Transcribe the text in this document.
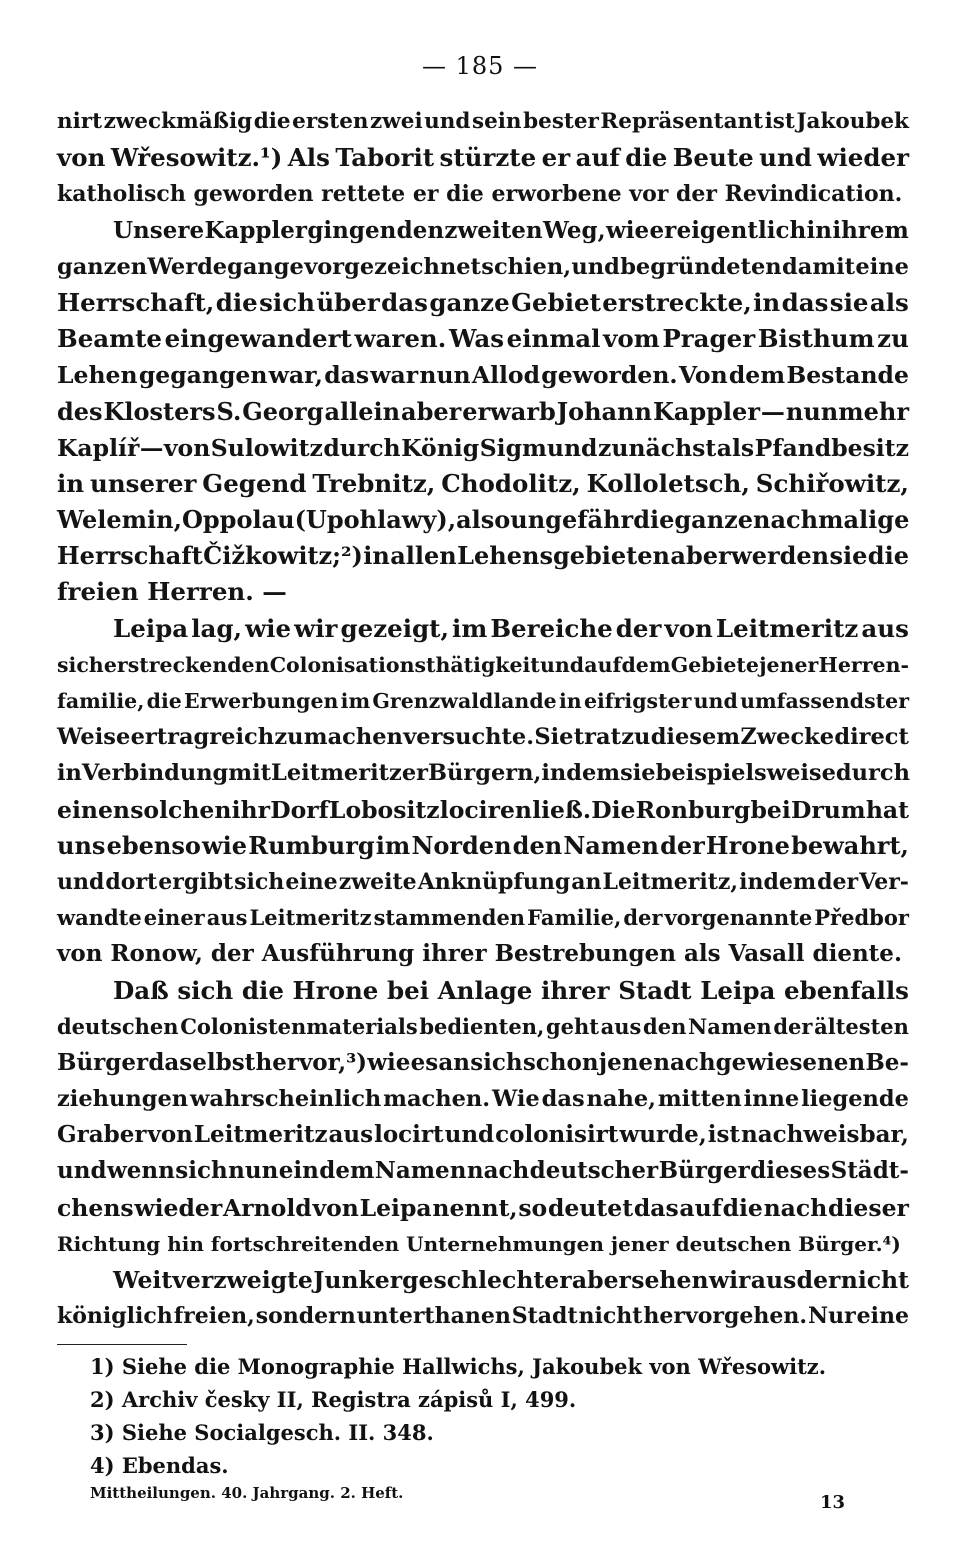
— 185 —
nirt zweckmäßig die ersten zwei und sein bester Repräsentant ist Jakoubek
von Wřesowitz.¹) Als Taborit stürzte er auf die Beute und wieder
katholisch geworden rettete er die erworbene vor der Revindication.
Unsere Kappler gingen den zweiten Weg, wie er eigentlich in ihrem
ganzen Werdegange vorgezeichnet schien, und begründeten damit eine
Herrschaft, die sich über das ganze Gebiet erstreckte, in das sie als
Beamte eingewandert waren. Was einmal vom Prager Bisthum zu
Lehen gegangen war, das war nun Allod geworden. Von dem Bestande
des Klosters S. Georg allein aber erwarb Johann Kappler — nunmehr
Kaplíř — von Sulowitz durch König Sigmund zunächst als Pfandbesitz
in unserer Gegend Trebnitz, Chodolitz, Kolloletsch, Schiřowitz,
Welemin, Oppolau (Upohlawy), also ungefähr die ganze nachmalige
Herrschaft Čižkowitz;²) in allen Lehensgebieten aber werden sie die
freien Herren. —
Leipa lag, wie wir gezeigt, im Bereiche der von Leitmeritz aus
sich erstreckenden Colonisationsthätigkeit und auf dem Gebiete jener Herren-
familie, die Erwerbungen im Grenzwaldlande in eifrigster und umfassendster
Weise ertragreich zu machen versuchte. Sie trat zu diesem Zwecke direct
in Verbindung mit Leitmeritzer Bürgern, indem sie beispielsweise durch
einen solchen ihr Dorf Lobositz lociren ließ. Die Ronburg bei Drum hat
uns ebenso wie Rumburg im Norden den Namen der Hrone bewahrt,
und dort ergibt sich eine zweite Anknüpfung an Leitmeritz, indem der Ver-
wandte einer aus Leitmeritz stammenden Familie, der vorgenannte Předbor
von Ronow, der Ausführung ihrer Bestrebungen als Vasall diente.
Daß sich die Hrone bei Anlage ihrer Stadt Leipa ebenfalls
deutschen Colonistenmaterials bedienten, geht aus den Namen der ältesten
Bürger daselbst hervor,³) wie es an sich schon jene nachgewiesenen Be-
ziehungen wahrscheinlich machen. Wie das nahe, mitten inne liegende
Graber von Leitmeritz aus locirt und colonisirt wurde, ist nachweisbar,
und wenn sich nun ein dem Namen nach deutscher Bürger dieses Städt-
chens wieder Arnold von Leipa nennt, so deutet das auf die nach dieser
Richtung hin fortschreitenden Unternehmungen jener deutschen Bürger.⁴)
Weitverzweigte Junkergeschlechter aber sehen wir aus der nicht
königlich freien, sondern unterthanen Stadt nicht hervorgehen. Nur eine
1) Siehe die Monographie Hallwichs, Jakoubek von Wřesowitz.
2) Archiv česky II, Registra zápisů I, 499.
3) Siehe Socialgesch. II. 348.
4) Ebendas.
Mittheilungen. 40. Jahrgang. 2. Heft.	13
